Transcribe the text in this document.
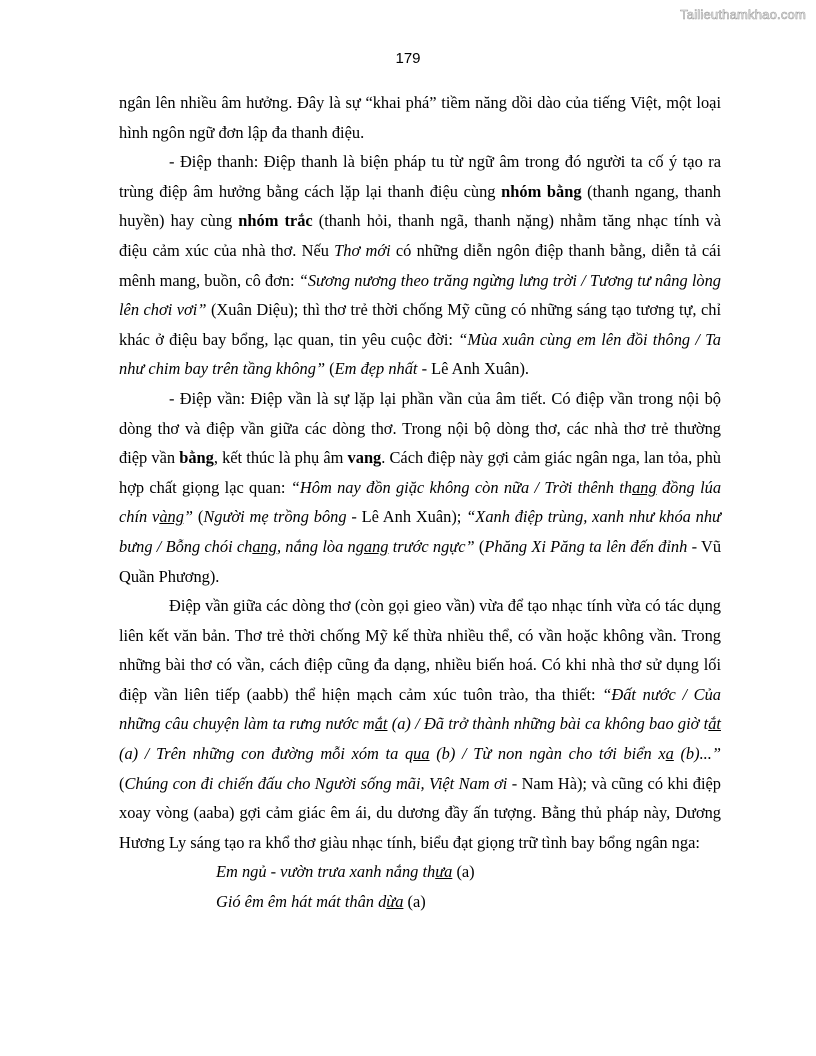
Tailieuthamkhao.com
179

ngân lên nhiều âm hưởng. Đây là sự “khai phá” tiềm năng dồi dào của tiếng Việt, một loại hình ngôn ngữ đơn lập đa thanh điệu.

- Điệp thanh: Điệp thanh là biện pháp tu từ ngữ âm trong đó người ta cố ý tạo ra trùng điệp âm hưởng bằng cách lặp lại thanh điệu cùng nhóm bằng (thanh ngang, thanh huyền) hay cùng nhóm trắc (thanh hỏi, thanh ngã, thanh nặng) nhằm tăng nhạc tính và điệu cảm xúc của nhà thơ. Nếu Thơ mới có những diễn ngôn điệp thanh bằng, diễn tả cái mênh mang, buồn, cô đơn: “Sương nương theo trăng ngừng lưng trời / Tương tư nâng lòng lên chơi vơi” (Xuân Diệu); thì thơ trẻ thời chống Mỹ cũng có những sáng tạo tương tự, chỉ khác ở điệu bay bổng, lạc quan, tin yêu cuộc đời: “Mùa xuân cùng em lên đồi thông / Ta như chim bay trên tầng không” (Em đẹp nhất - Lê Anh Xuân).

- Điệp vần: Điệp vần là sự lặp lại phần vần của âm tiết. Có điệp vần trong nội bộ dòng thơ và điệp vần giữa các dòng thơ. Trong nội bộ dòng thơ, các nhà thơ trẻ thường điệp vần bằng, kết thúc là phụ âm vang. Cách điệp này gợi cảm giác ngân nga, lan tỏa, phù hợp chất giọng lạc quan: “Hôm nay đồn giặc không còn nữa / Trời thênh thang đồng lúa chín vàng” (Người mẹ trồng bông - Lê Anh Xuân); “Xanh điệp trùng, xanh như khóa như bưng / Bỗng chói chang, nắng lòa ngang trước ngực” (Phăng Xi Păng ta lên đến đỉnh - Vũ Quần Phương).

Điệp vần giữa các dòng thơ (còn gọi gieo vần) vừa để tạo nhạc tính vừa có tác dụng liên kết văn bản. Thơ trẻ thời chống Mỹ kế thừa nhiều thể, có vần hoặc không vần. Trong những bài thơ có vần, cách điệp cũng đa dạng, nhiều biến hoá. Có khi nhà thơ sử dụng lối điệp vần liên tiếp (aabb) thể hiện mạch cảm xúc tuôn trào, tha thiết: “Đất nước / Của những câu chuyện làm ta rưng nước mắt (a) / Đã trở thành những bài ca không bao giờ tắt (a) / Trên những con đường mỗi xóm ta qua (b) / Từ non ngàn cho tới biển xa (b)...” (Chúng con đi chiến đấu cho Người sống mãi, Việt Nam ơi - Nam Hà); và cũng có khi điệp xoay vòng (aaba) gợi cảm giác êm ái, du dương đầy ấn tượng. Bằng thủ pháp này, Dương Hương Ly sáng tạo ra khổ thơ giàu nhạc tính, biểu đạt giọng trữ tình bay bổng ngân nga:

Em ngủ - vườn trưa xanh nắng thưa (a)

Gió êm êm hát mát thân dừa (a)
